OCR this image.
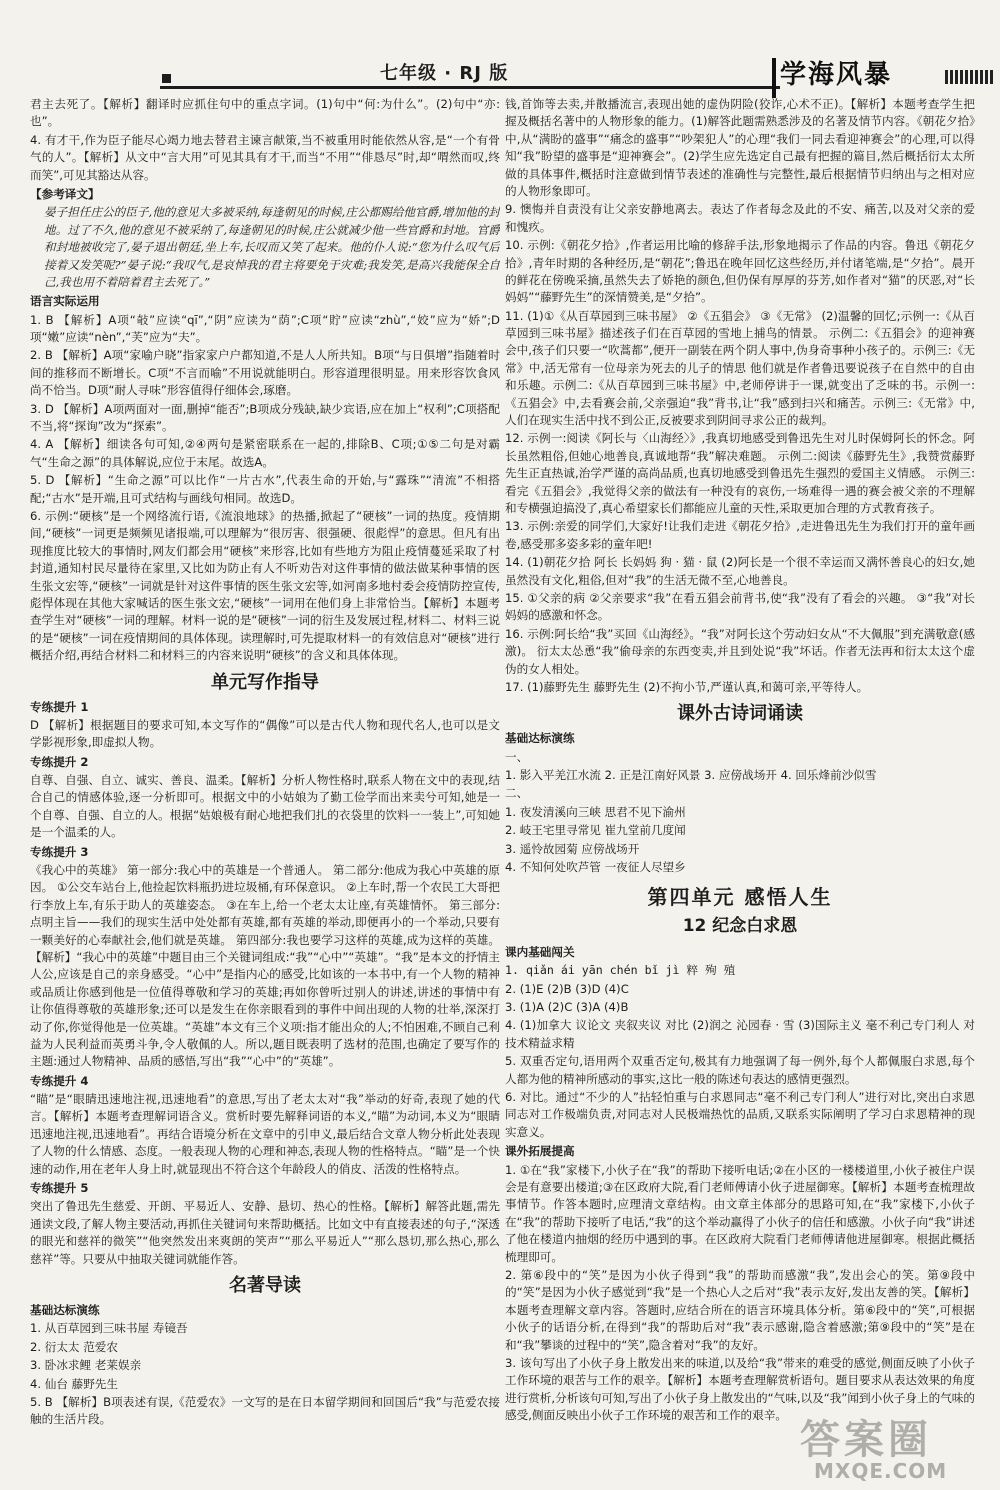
七年级 · RJ 版	学海风暴
君主去死了。【解析】翻译时应抓住句中的重点字词。(1)句中“何:为什么”。(2)句中“亦:也”。
4. 有才干,作为臣子能尽心竭力地去替君主谏言献策,当不被重用时能依然从容,是“一个有骨气的人”。【解析】从文中“言大用”可见其具有才干,而当“不用”“俳恳尽”时,却“喟然而叹,终而笑”,可见其豁达从容。
【参考译文】
晏子担任庄公的臣子,他的意见大多被采纳,每逢朝见的时候,庄公都赐给他官爵,增加他的封地。过了不久,他的意见不被采纳了,每逢朝见的时候,庄公就减少他一些官爵和封地。官爵和封地被收完了,晏子退出朝廷,坐上车,长叹而又笑了起来。他的仆人说:“您为什么叹气后接着又发笑呢?”晏子说:“我叹气,是哀悼我的君主将要免于灾难;我发笑,是高兴我能保全自己,我也用不着陪着君主去死了。”
语言实际运用
1. B 【解析】A项“敧”应读“qī”,“阴”应读为“荫”;C项“貯”应读“zhù”,“姣”应为“娇”;D项“嫩”应读“nèn”,“芙”应为“夫”。
2. B 【解析】A项“家喻户晓”指家家户户都知道,不是人人所共知。B项“与日俱增”指随着时间的推移而不断增长。C项“不言而喻”不用说就能明白。形容道理很明显。用来形容饮食风尚不恰当。D项“耐人寻味”形容值得仔细体会,琢磨。
3. D 【解析】A项两面对一面,删掉“能否”;B项成分残缺,缺少宾语,应在加上“权利”;C项搭配不当,将“探询”改为“探索”。
4. A 【解析】细读各句可知,②④两句是紧密联系在一起的,排除B、C项;①⑤二句是对霸气“生命之源”的具体解说,应位于末尾。故选A。
5. D 【解析】“生命之源”可以比作“一片古水”,代表生命的开始,与“露珠”“清流”不相搭配;“古水”是开端,且可式结构与画线句相同。故选D。
6. 示例:“硬核”是一个网络流行语,《流浪地球》的热播,掀起了“硬核”一词的热度。疫情期间,“硬核”一词更是频频见诸报端,可以理解为“很厉害、很强硬、很彪悍”的意思。但凡有出现推度比较大的事情时,网友们都会用“硬核”来形容,比如有些地方为阻止疫情蔓延采取了村封道,通知村民尽量待在家里,又比如为防止有人不听劝告对这件事情的做法做某种事情的医生张文宏等,“硬核”一词就是针对这件事情的医生张文宏等,如河南多地村委会疫情防控宣传,彪悍体现在其他大家喊话的医生张文宏,“硬核”一词用在他们身上非常恰当。【解析】本题考查学生对“硬核”一词的理解。材料一说的是“硬核”一词的衍生及发展过程,材料二、材料三说的是“硬核”一词在疫情期间的具体体现。读理解时,可先提取材料一的有效信息对“硬核”进行概括介绍,再结合材料二和材料三的内容来说明“硬核”的含义和具体体现。
单元写作指导
专练提升 1
D 【解析】根据题目的要求可知,本文写作的“偶像”可以是古代人物和现代名人,也可以是文学影视形象,即虚拟人物。
专练提升 2
自尊、自强、自立、诚实、善良、温柔。【解析】分析人物性格时,联系人物在文中的表现,结合自己的情感体验,逐一分析即可。根据文中的小姑娘为了勤工俭学而出来卖兮可知,她是一个自尊、自强、自立的人。根据“姑娘极有耐心地把我们扎的衣袋里的饮料一一装上”,可知她是一个温柔的人。
专练提升 3
《我心中的英雄》 第一部分:我心中的英雄是一个普通人。 第二部分:他成为我心中英雄的原因。 ①公交车站台上,他捡起饮料瓶扔进垃圾桶,有环保意识。 ②上车时,帮一个农民工大哥把行李放上车,有乐于助人的英雄姿态。 ③在车上,给一个老太太让座,有英雄情怀。 第三部分:点明主旨——我们的现实生活中处处都有英雄,都有英雄的举动,即便再小的一个举动,只要有一颗美好的心奉献社会,他们就是英雄。 第四部分:我也要学习这样的英雄,成为这样的英雄。【解析】“我心中的英雄”中题目由三个关键词组成:“我”“心中”“英雄”。“我”是本文的抒情主人公,应该是自己的亲身感受。“心中”是指内心的感受,比如该的一本书中,有一个人物的精神或品质让你感到他是一位值得尊敬和学习的英雄;再如你曾听过别人的讲述,讲述的事情中有让你值得尊敬的英雄形象;还可以是发生在你亲眼看到的事件中间出现的人物的壮举,深深打动了你,你觉得他是一位英雄。“英雄”本文有三个义项:指才能出众的人;不怕困难,不顾自己利益为人民利益而英勇斗争,令人敬佩的人。所以,题目既表明了选材的范围,也确定了要写作的主题:通过人物精神、品质的感悟,写出“我”“心中”的“英雄”。
专练提升 4
“瞄”是“眼睛迅速地注视,迅速地看”的意思,写出了老太太对“我”举动的好奇,表现了她的代言。【解析】本题考查理解词语含义。赏析时要先解释词语的本义,“瞄”为动词,本义为“眼睛迅速地注视,迅速地看”。再结合语境分析在文章中的引申义,最后结合文章人物分析此处表现了人物的什么情感、态度。一般表现人物的心理和神态,表现人物的性格特点。“瞄”是一个快速的动作,用在老年人身上时,就显现出不符合这个年龄段人的俏皮、活泼的性格特点。
专练提升 5
突出了鲁迅先生慈爱、开朗、平易近人、安静、悬切、热心的性格。【解析】解答此题,需先通读文段,了解人物主要活动,再抓住关键词句来帮助概括。比如文中有直接表述的句子,“深透的眼光和慈祥的微笑”“他突然发出来爽朗的笑声”“那么平易近人”“那么恳切,那么热心,那么慈祥”等。只要从中抽取关键词就能作答。
名著导读
基础达标演练
1. 从百草园到三味书屋 寿镜吾
2. 衍太太 范爱农
3. 卧冰求鲤 老莱娱亲
4. 仙台 藤野先生
5. B 【解析】B项表述有误,《范爱农》一文写的是在日本留学期间和回国后“我”与范爱农接触的生活片段。
钱,首饰等去卖,并散播流言,表现出她的虚伪阴险(狡诈,心术不正)。【解析】本题考查学生把握及概括名著中的人物形象的能力。(1)解答此题需熟悉涉及的名著及情节内容。《朝花夕拾》中,从“满盼的盛事”“痛念的盛事”“吵架犯人”的心理“我们一同去看迎神赛会”的心理,可以得知“我”盼望的盛事是“迎神赛会”。(2)学生应先选定自己最有把握的篇目,然后概括衍太太所做的具体事件,概括时注意做到情节表述的准确性与完整性,最后根据情节归纳出与之相对应的人物形象即可。
9. 懊悔并自责没有让父亲安静地离去。表达了作者每念及此的不安、痛苦,以及对父亲的爱和愧疚。
10. 示例:《朝花夕拾》,作者运用比喻的修辞手法,形象地揭示了作品的内容。鲁迅《朝花夕拾》,青年时期的各种经历,是“朝花”;鲁迅在晚年回忆这些经历,并付诸笔端,是“夕拾”。晨开的鲜花在傍晚采摘,虽然失去了娇艳的颜色,但仍保有厚厚的芬芳,如作者对“猫”的厌恶,对“长妈妈”“藤野先生”的深情赞美,是“夕拾”。
11. (1)①《从百草园到三味书屋》 ②《五猖会》 ③《无常》 (2)温馨的回忆;示例一:《从百草园到三味书屋》描述孩子们在百草园的雪地上捕鸟的情景。 示例二:《五猖会》的迎神赛会中,孩子们只要一“吹蒿都”,便开一副装在两个阴人事中,伪身奇事种小孩子的。示例三:《无常》中,活无常有一位母亲为死去的儿子的情思 他们就是作者鲁迅要说孩子在自然中的自由和乐趣。示例二:《从百草园到三味书屋》中,老师停讲于一课,就变出了乏味的书。示例一:《五猖会》中,去看赛会前,父亲强迫“我”背书,让“我”感到扫兴和痛苦。示例三:《无常》中,人们在现实生活中找不到公正,反被要求到阴间寻求公正的裁判。
12. 示例一:阅读《阿长与〈山海经〉》,我真切地感受到鲁迅先生对儿时保姆阿长的怀念。阿长虽然粗俗,但她心地善良,真诚地帮“我”解决难题。 示例二:阅读《藤野先生》,我赞赏藤野先生正直热诚,治学严谨的高尚品质,也真切地感受到鲁迅先生强烈的爱国主义情感。 示例三:看完《五猖会》,我觉得父亲的做法有一种没有的哀伤,一场难得一遇的赛会被父亲的不理解和专横强迫搞没了,真心希望家长们都能应儿童的天性,采取更加合理的方式教育孩子。
13. 示例:亲爱的同学们,大家好!让我们走进《朝花夕拾》,走进鲁迅先生为我们打开的童年画卷,感受那多姿多彩的童年吧!
14. (1)朝花夕拾 阿长 长妈妈 狗 · 猫 · 鼠 (2)阿长是一个很不幸运而又满怀善良心的妇女,她虽然没有文化,粗俗,但对“我”的生活无微不至,心地善良。
15. ①父亲的病 ②父亲要求“我”在看五猖会前背书,使“我”没有了看会的兴趣。 ③“我”对长妈妈的感激和怀念。
16. 示例:阿长给“我”买回《山海经》。“我”对阿长这个劳动妇女从“不大佩服”到充满敬意(感激)。 衍太太怂恿“我”偷母亲的东西变卖,并且到处说“我”坏话。作者无法再和衍太太这个虚伪的女人相处。
17. (1)藤野先生 藤野先生 (2)不拘小节,严谨认真,和蔼可亲,平等待人。
课外古诗词诵读
基础达标演练
一、
1. 影入平羌江水流 2. 正是江南好风景 3. 应傍战场开 4. 回乐烽前沙似雪
二、
1. 夜发清溪向三峡 思君不见下渝州
2. 岐王宅里寻常见 崔九堂前几度闻
3. 遥怜故园菊 应傍战场开
4. 不知何处吹芦管 一夜征人尽望乡
第四单元 感悟人生
12 纪念白求恩
课内基础闯关
1. qiǎn ái yān chén bǐ jì 粹 殉 殖
2. (1)E (2)B (3)D (4)C
3. (1)A (2)C (3)A (4)B
4. (1)加拿大 议论文 夹叙夹议 对比 (2)润之 沁园春 · 雪 (3)国际主义 毫不利己专门利人 对技术精益求精
5. 双重否定句,语用两个双重否定句,极其有力地强调了每一例外,每个人都佩服白求恩,每个人都为他的精神所感动的事实,这比一般的陈述句表达的感情更强烈。
6. 对比。通过“不少的人”拈轻怕重与白求恩同志“毫不利己专门利人”进行对比,突出白求恩同志对工作极端负责,对同志对人民极端热忱的品质,又联系实际阐明了学习白求恩精神的现实意义。
课外拓展提高
1. ①在“我”家楼下,小伙子在“我”的帮助下接听电话;②在小区的一楼楼道里,小伙子被住户误会是有意要出楼道;③在区政府大院,看门老师傅请小伙子进屋御寒。【解析】本题考查梳理故事情节。作答本题时,应理清文章结构。由文章主体部分的思路可知,在“我”家楼下,小伙子在“我”的帮助下接听了电话,“我”的这个举动赢得了小伙子的信任和感激。小伙子向“我”讲述了他在楼道内抽烟的经历中遇到的事。在区政府大院看门老师傅请他进屋御寒。根据此概括梳理即可。
2. 第⑥段中的“笑”是因为小伙子得到“我”的帮助而感激“我”,发出会心的笑。第⑨段中的“笑”是因为小伙子感觉到“我”是一个热心人之后对“我”表示友好,发出友善的笑。【解析】本题考查理解文章内容。答题时,应结合所在的语言环境具体分析。第⑥段中的“笑”,可根据小伙子的话语分析,在得到“我”的帮助后对“我”表示感谢,隐含着感激;第⑨段中的“笑”是在和“我”攀谈的过程中的“笑”,隐含着对“我”的友好。
3. 该句写出了小伙子身上散发出来的味道,以及给“我”带来的难受的感觉,侧面反映了小伙子工作环境的艰苦与工作的艰辛。【解析】本题考查理解赏析语句。题目要求从表达效果的角度进行赏析,分析该句可知,写出了小伙子身上散发出的“气味,以及“我”闻到小伙子身上的气味的感受,侧面反映出小伙子工作环境的艰苦和工作的艰辛。
答案圈
MXQE.COM
